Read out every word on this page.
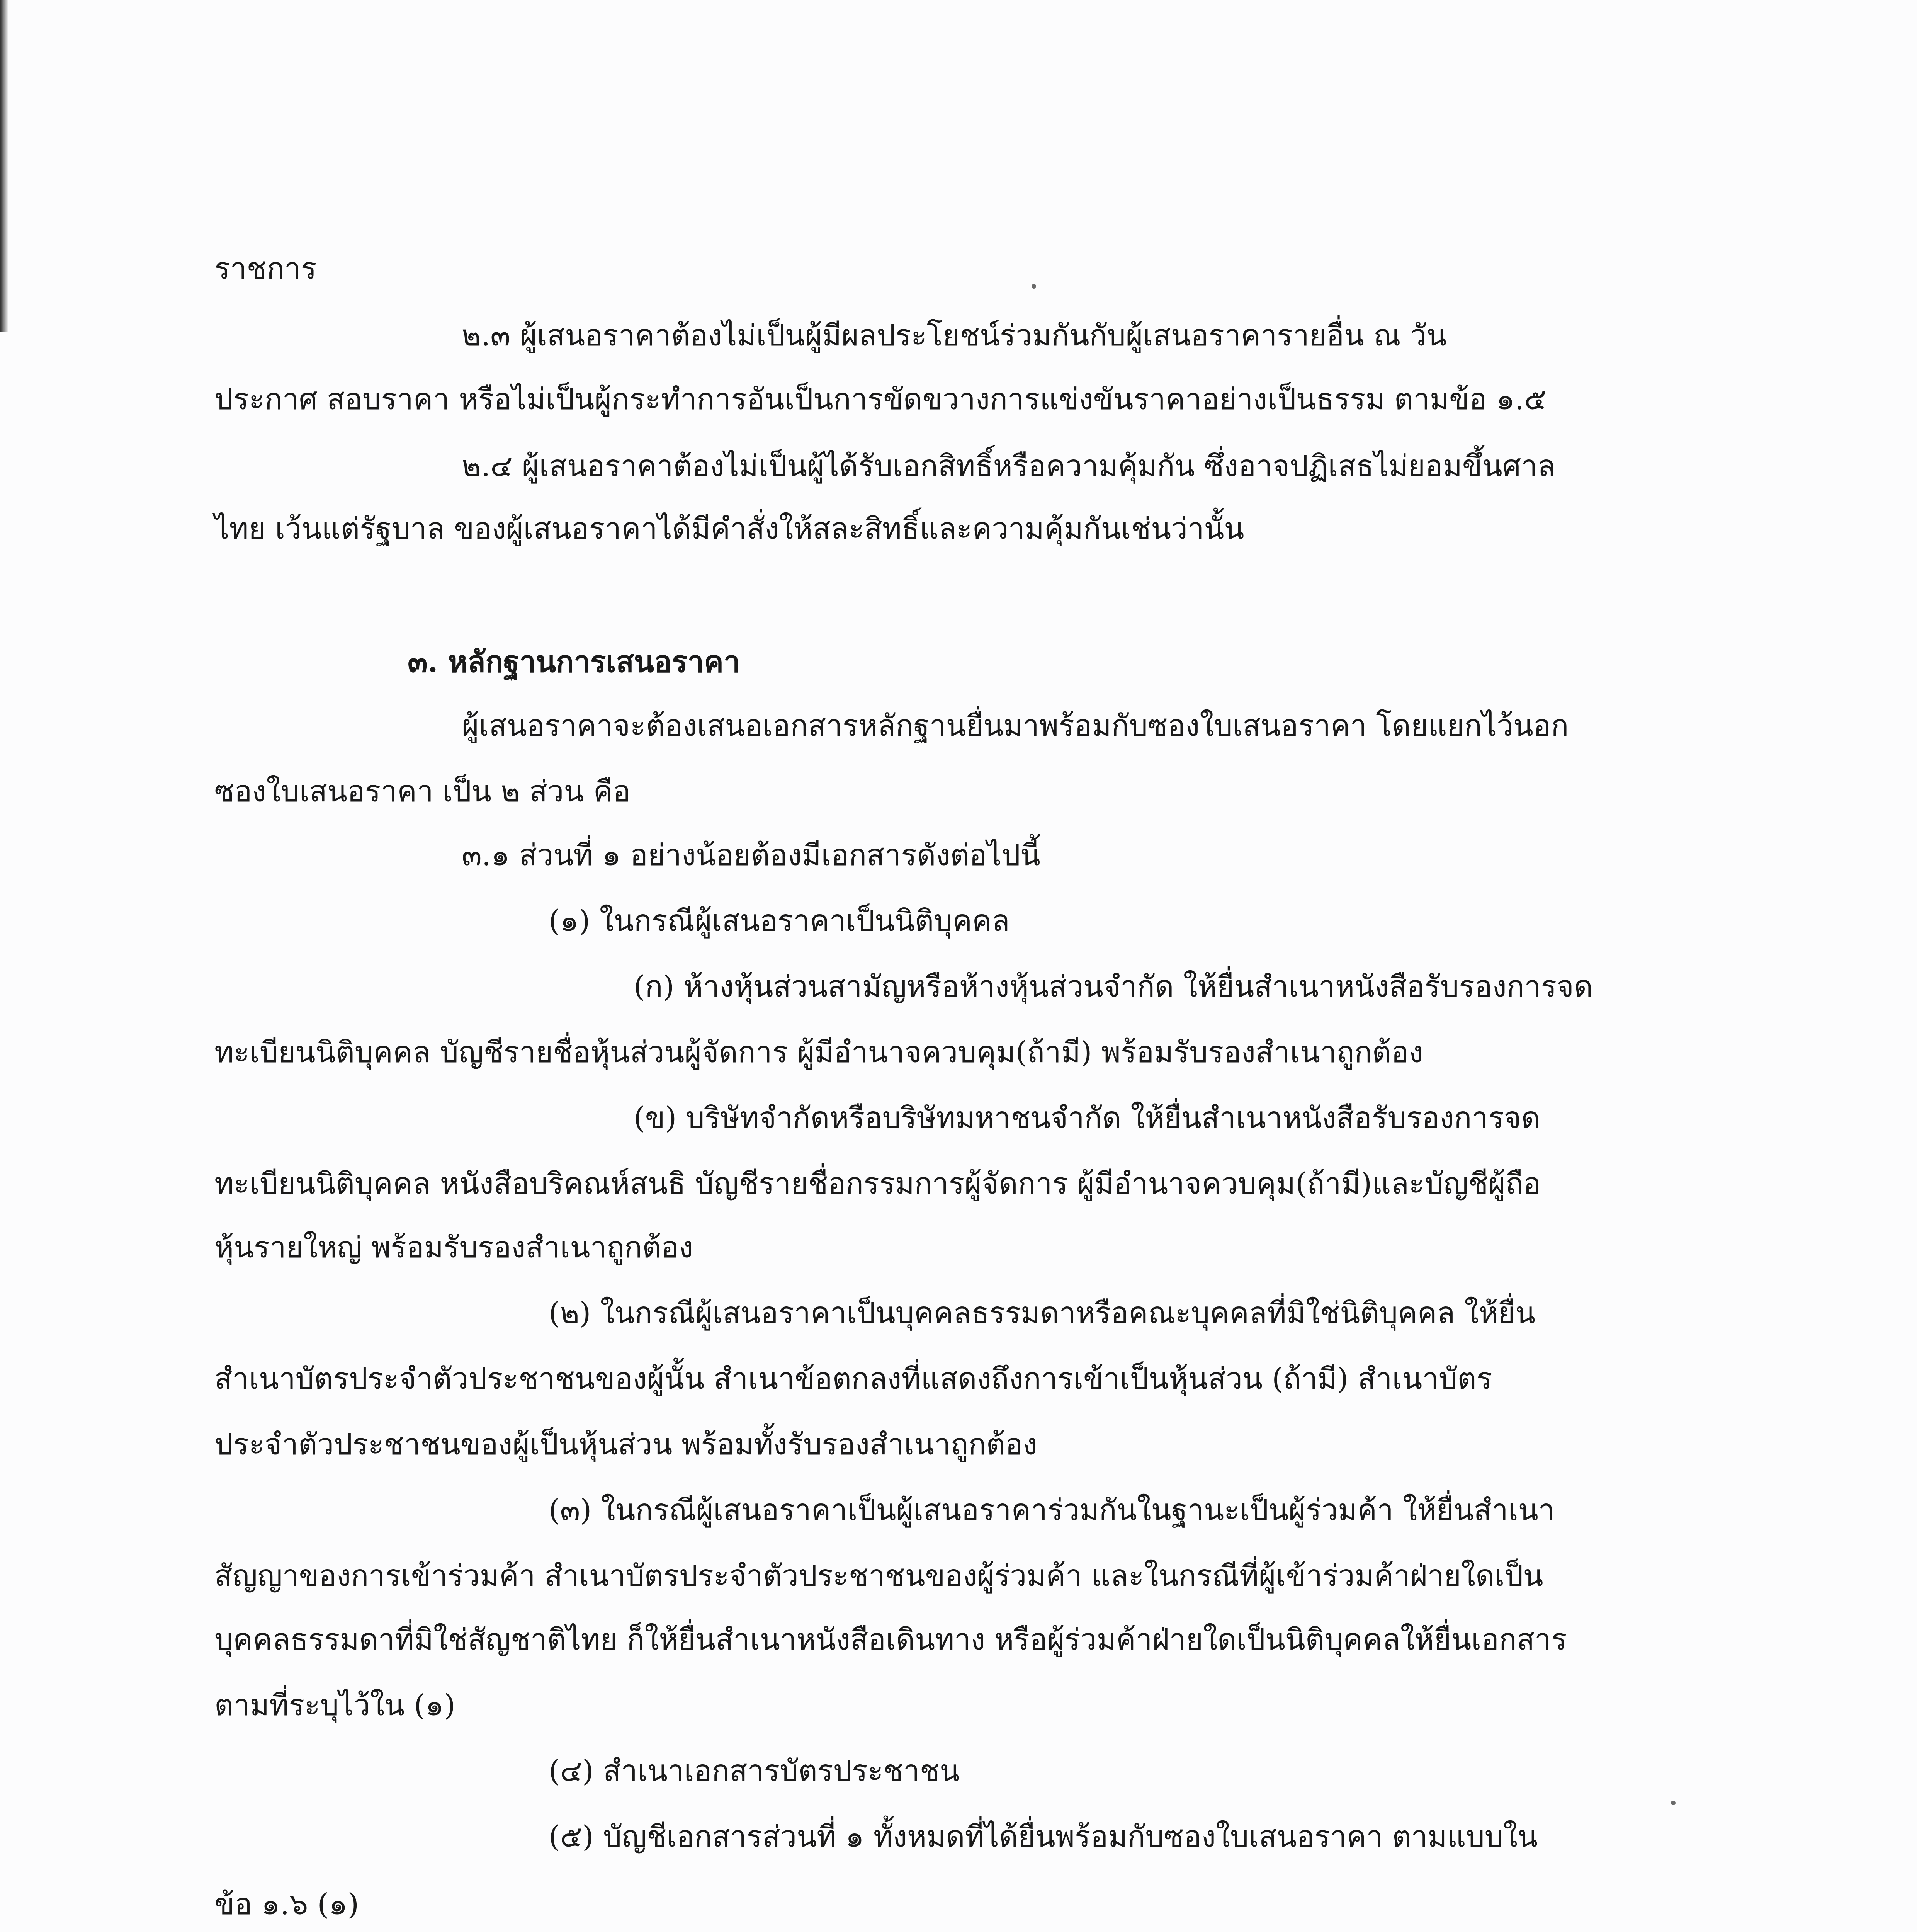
ราชการ
๒.๓ ผู้เสนอราคาต้องไม่เป็นผู้มีผลประโยชน์ร่วมกันกับผู้เสนอราคารายอื่น ณ วัน
ประกาศ สอบราคา หรือไม่เป็นผู้กระทำการอันเป็นการขัดขวางการแข่งขันราคาอย่างเป็นธรรม ตามข้อ ๑.๕
๒.๔ ผู้เสนอราคาต้องไม่เป็นผู้ได้รับเอกสิทธิ์หรือความคุ้มกัน ซึ่งอาจปฏิเสธไม่ยอมขึ้นศาล
ไทย เว้นแต่รัฐบาล ของผู้เสนอราคาได้มีคำสั่งให้สละสิทธิ์และความคุ้มกันเช่นว่านั้น
๓. หลักฐานการเสนอราคา
ผู้เสนอราคาจะต้องเสนอเอกสารหลักฐานยื่นมาพร้อมกับซองใบเสนอราคา โดยแยกไว้นอก
ซองใบเสนอราคา เป็น ๒ ส่วน คือ
๓.๑ ส่วนที่ ๑ อย่างน้อยต้องมีเอกสารดังต่อไปนี้
(๑) ในกรณีผู้เสนอราคาเป็นนิติบุคคล
(ก) ห้างหุ้นส่วนสามัญหรือห้างหุ้นส่วนจำกัด ให้ยื่นสำเนาหนังสือรับรองการจด
ทะเบียนนิติบุคคล บัญชีรายชื่อหุ้นส่วนผู้จัดการ ผู้มีอำนาจควบคุม(ถ้ามี) พร้อมรับรองสำเนาถูกต้อง
(ข) บริษัทจำกัดหรือบริษัทมหาชนจำกัด ให้ยื่นสำเนาหนังสือรับรองการจด
ทะเบียนนิติบุคคล หนังสือบริคณห์สนธิ บัญชีรายชื่อกรรมการผู้จัดการ ผู้มีอำนาจควบคุม(ถ้ามี)และบัญชีผู้ถือ
หุ้นรายใหญ่ พร้อมรับรองสำเนาถูกต้อง
(๒) ในกรณีผู้เสนอราคาเป็นบุคคลธรรมดาหรือคณะบุคคลที่มิใช่นิติบุคคล ให้ยื่น
สำเนาบัตรประจำตัวประชาชนของผู้นั้น สำเนาข้อตกลงที่แสดงถึงการเข้าเป็นหุ้นส่วน (ถ้ามี) สำเนาบัตร
ประจำตัวประชาชนของผู้เป็นหุ้นส่วน พร้อมทั้งรับรองสำเนาถูกต้อง
(๓) ในกรณีผู้เสนอราคาเป็นผู้เสนอราคาร่วมกันในฐานะเป็นผู้ร่วมค้า ให้ยื่นสำเนา
สัญญาของการเข้าร่วมค้า สำเนาบัตรประจำตัวประชาชนของผู้ร่วมค้า และในกรณีที่ผู้เข้าร่วมค้าฝ่ายใดเป็น
บุคคลธรรมดาที่มิใช่สัญชาติไทย ก็ให้ยื่นสำเนาหนังสือเดินทาง หรือผู้ร่วมค้าฝ่ายใดเป็นนิติบุคคลให้ยื่นเอกสาร
ตามที่ระบุไว้ใน (๑)
(๔) สำเนาเอกสารบัตรประชาชน
(๕) บัญชีเอกสารส่วนที่ ๑ ทั้งหมดที่ได้ยื่นพร้อมกับซองใบเสนอราคา ตามแบบใน
ข้อ ๑.๖ (๑)
